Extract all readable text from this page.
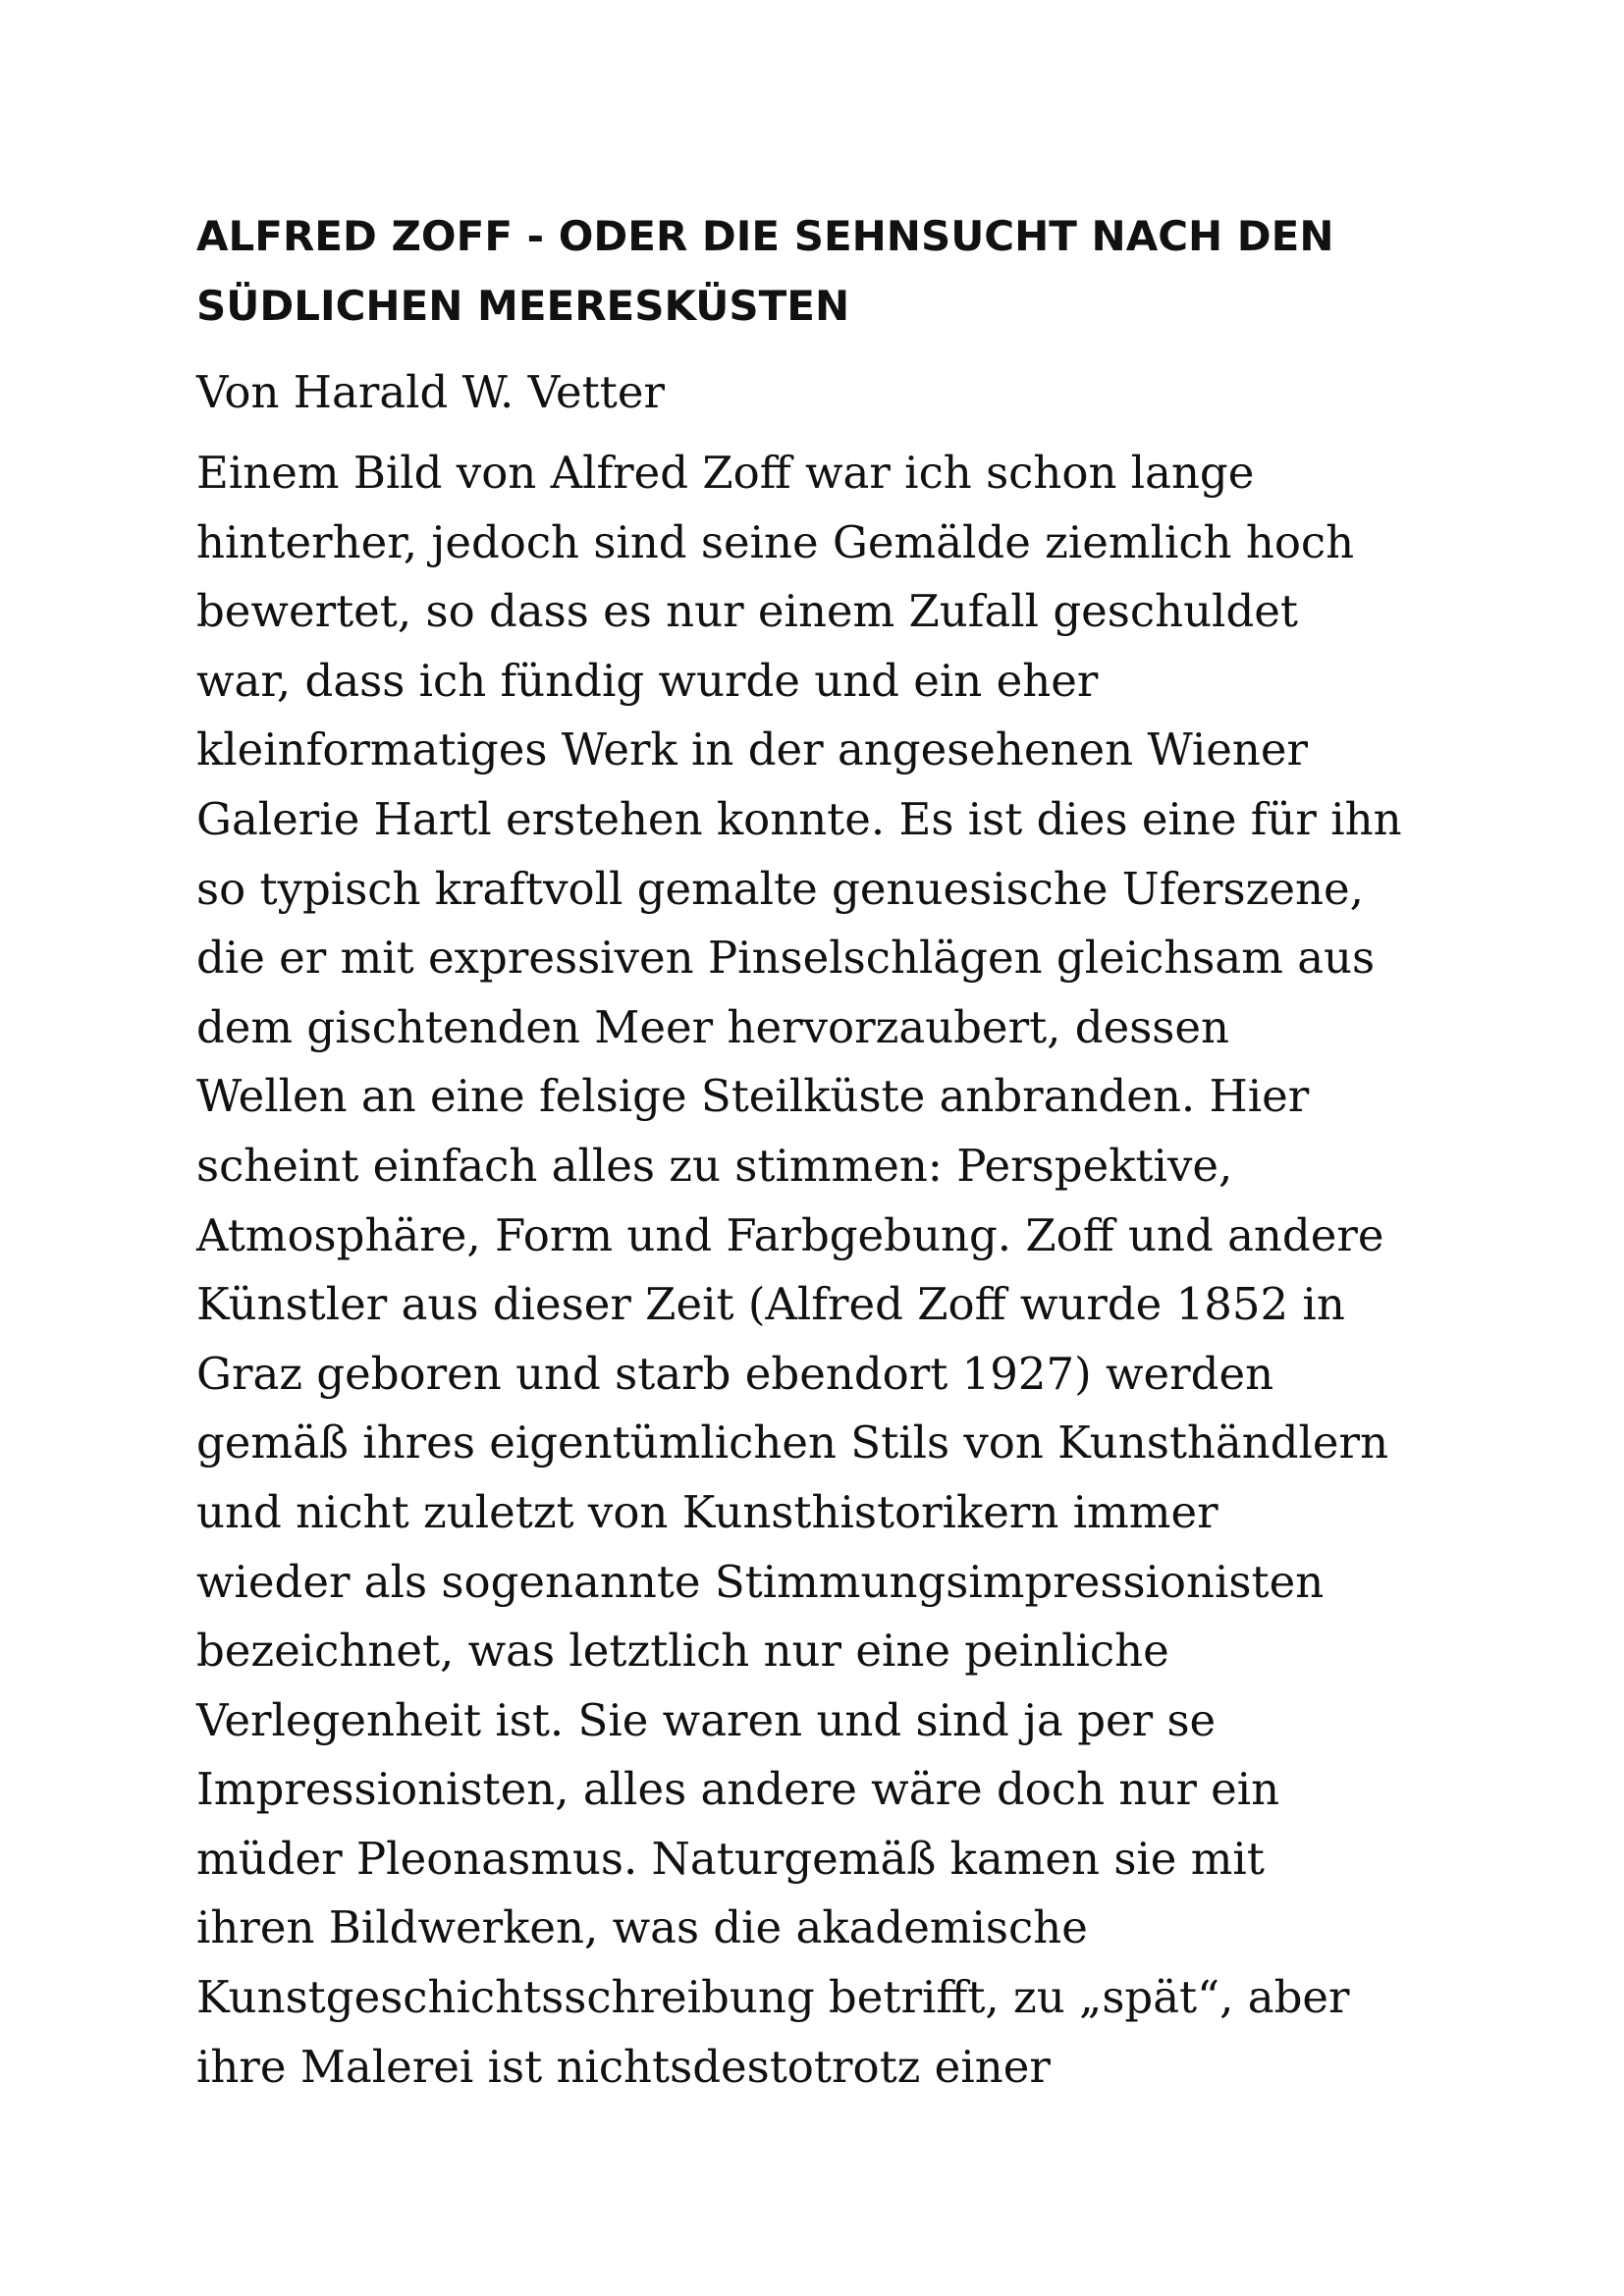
ALFRED ZOFF - ODER DIE SEHNSUCHT NACH DEN
SÜDLICHEN MEERESKÜSTEN

Von Harald W. Vetter

Einem Bild von Alfred Zoff war ich schon lange
hinterher, jedoch sind seine Gemälde ziemlich hoch
bewertet, so dass es nur einem Zufall geschuldet
war, dass ich fündig wurde und ein eher
kleinformatiges Werk in der angesehenen Wiener
Galerie Hartl erstehen konnte. Es ist dies eine für ihn
so typisch kraftvoll gemalte genuesische Uferszene,
die er mit expressiven Pinselschlägen gleichsam aus
dem gischtenden Meer hervorzaubert, dessen
Wellen an eine felsige Steilküste anbranden. Hier
scheint einfach alles zu stimmen: Perspektive,
Atmosphäre, Form und Farbgebung. Zoff und andere
Künstler aus dieser Zeit (Alfred Zoff wurde 1852 in
Graz geboren und starb ebendort 1927) werden
gemäß ihres eigentümlichen Stils von Kunsthändlern
und nicht zuletzt von Kunsthistorikern immer
wieder als sogenannte Stimmungsimpressionisten
bezeichnet, was letztlich nur eine peinliche
Verlegenheit ist. Sie waren und sind ja per se
Impressionisten, alles andere wäre doch nur ein
müder Pleonasmus. Naturgemäß kamen sie mit
ihren Bildwerken, was die akademische
Kunstgeschichtsschreibung betrifft, zu „spät“, aber
ihre Malerei ist nichtsdestotrotz einer
